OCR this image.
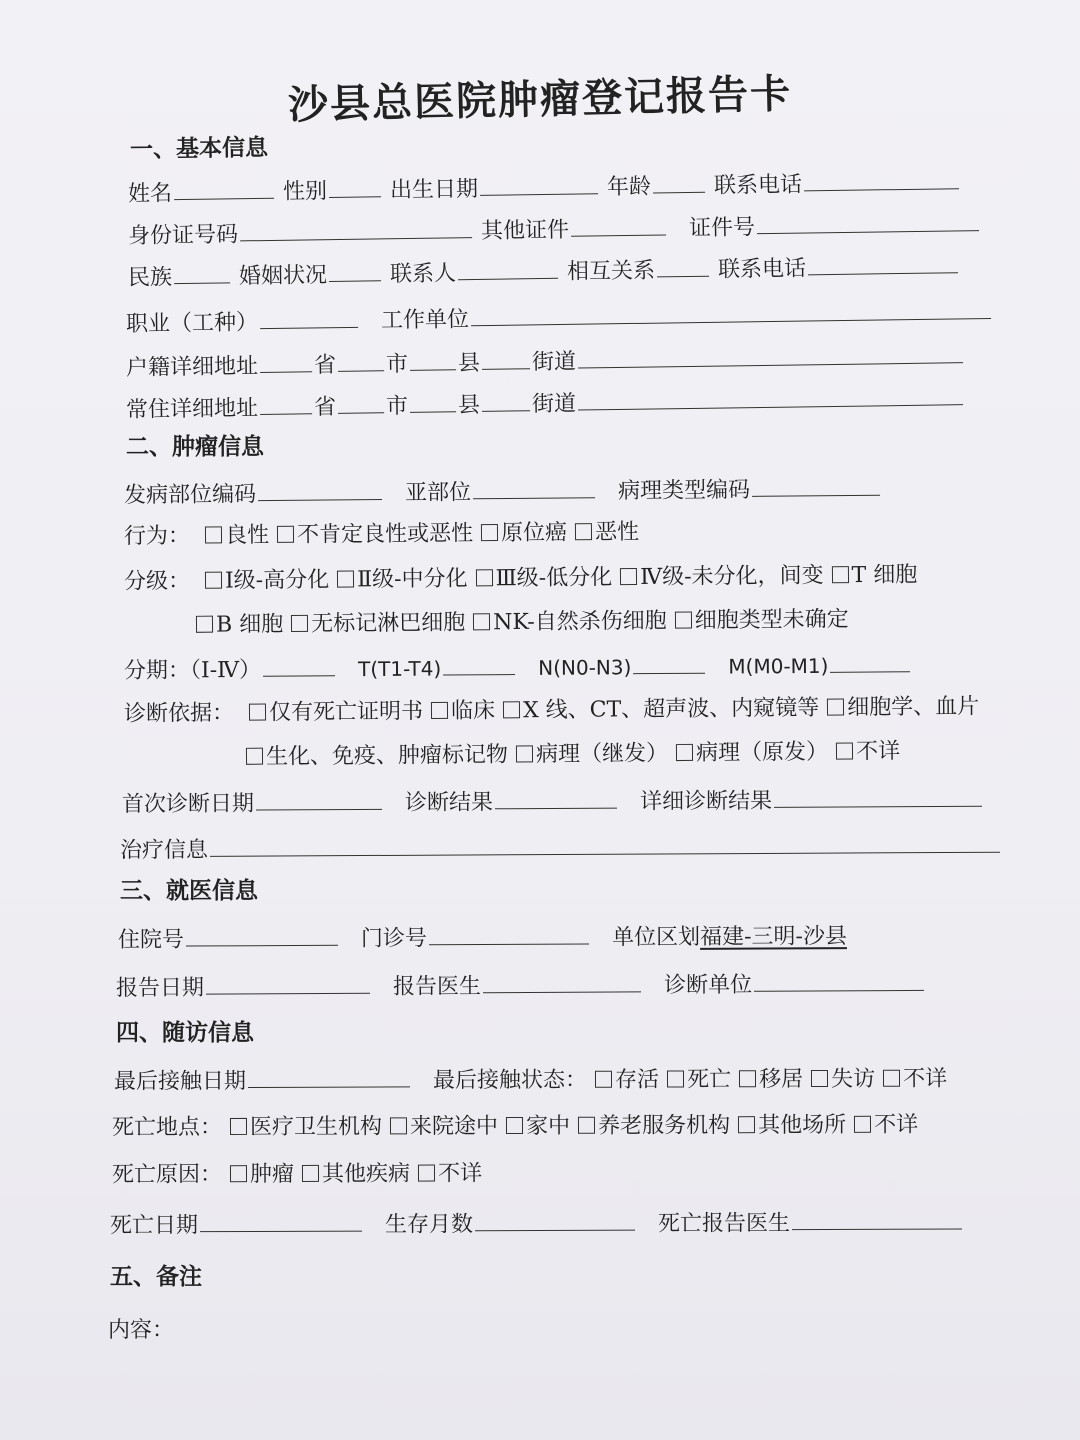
沙县总医院肿瘤登记报告卡
一、基本信息
姓名	性别	出生日期	年龄	联系电话
身份证号码	其他证件	证件号
民族	婚姻状况	联系人	相互关系	联系电话
职业（工种）	工作单位
户籍详细地址	省 市 县 街道
常住详细地址	省 市 县 街道
二、肿瘤信息
发病部位编码	亚部位	病理类型编码
行为： 良性 不肯定良性或恶性 原位癌 恶性
分级： Ⅰ级-高分化 Ⅱ级-中分化 Ⅲ级-低分化 Ⅳ级-未分化，间变 T 细胞
B 细胞 无标记淋巴细胞 NK-自然杀伤细胞 细胞类型未确定
分期：（Ⅰ-Ⅳ）	T(T1-T4)	N(N0-N3)	M(M0-M1)
诊断依据： 仅有死亡证明书 临床 X 线、CT、超声波、内窥镜等 细胞学、血片
生化、免疫、肿瘤标记物 病理（继发） 病理（原发） 不详
首次诊断日期	诊断结果	详细诊断结果
治疗信息
三、就医信息
住院号	门诊号	单位区划福建-三明-沙县
报告日期	报告医生	诊断单位
四、随访信息
最后接触日期	最后接触状态： 存活 死亡 移居 失访 不详
死亡地点： 医疗卫生机构 来院途中 家中 养老服务机构 其他场所 不详
死亡原因： 肿瘤 其他疾病 不详
死亡日期	生存月数	死亡报告医生
五、备注
内容：
